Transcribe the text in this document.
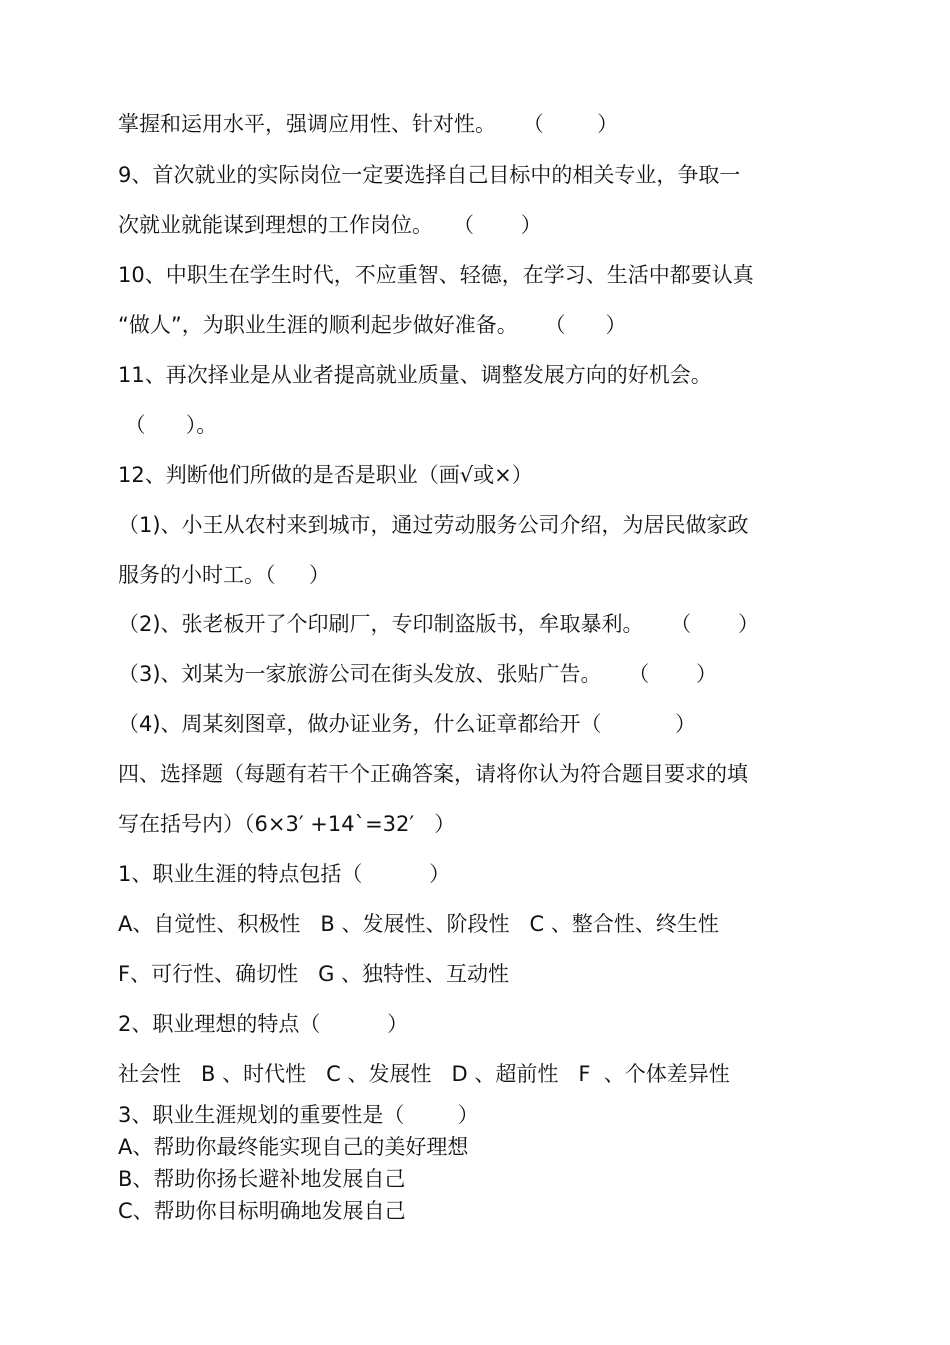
掌握和运用水平，强调应用性、针对性。    （        ）

9、首次就业的实际岗位一定要选择自己目标中的相关专业，争取一

次就业就能谋到理想的工作岗位。   （       ）

10、中职生在学生时代，不应重智、轻德，在学习、生活中都要认真

“做人”，为职业生涯的顺利起步做好准备。    （      ）

11、再次择业是从业者提高就业质量、调整发展方向的好机会。

（      ）。

12、判断他们所做的是否是职业（画√或×）

（1)、小王从农村来到城市，通过劳动服务公司介绍，为居民做家政

服务的小时工。（     ）

（2)、张老板开了个印刷厂，专印制盗版书，牟取暴利。    （       ）

（3)、刘某为一家旅游公司在街头发放、张贴广告。    （       ）

（4)、周某刻图章，做办证业务，什么证章都给开（           ）

四、选择题（每题有若干个正确答案，请将你认为符合题目要求的填

写在括号内）（6×3′ +14`=32′   ）

1、职业生涯的特点包括（          ）

A、自觉性、积极性   B 、发展性、阶段性   C 、整合性、终生性

F、可行性、确切性   G 、独特性、互动性

2、职业理想的特点（          ）

社会性   B 、时代性   C 、发展性   D 、超前性   F  、个体差异性

3、职业生涯规划的重要性是（        ）

A、帮助你最终能实现自己的美好理想

B、帮助你扬长避补地发展自己

C、帮助你目标明确地发展自己
